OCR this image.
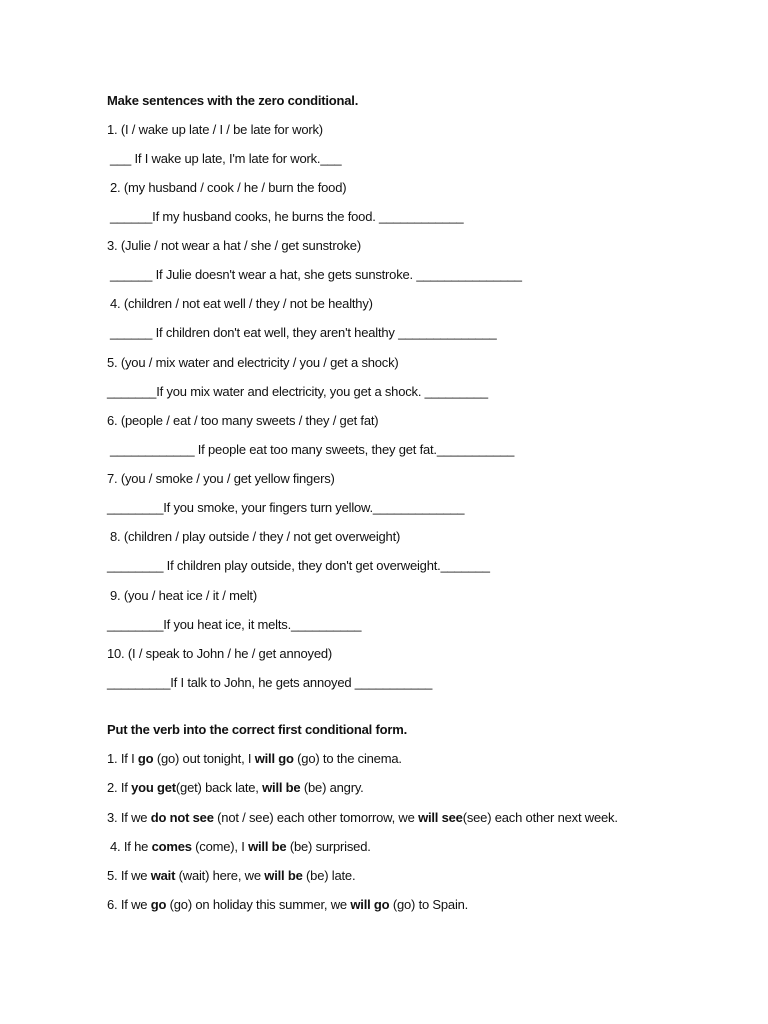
Make sentences with the zero conditional.
1. (I / wake up late / I / be late for work)
___ If I wake up late, I'm late for work.___
2. (my husband / cook / he / burn the food)
______If my husband cooks, he burns the food. ____________
3. (Julie / not wear a hat / she / get sunstroke)
______ If Julie doesn't wear a hat, she gets sunstroke. _______________
4. (children / not eat well / they / not be healthy)
______ If children don't eat well, they aren't healthy ______________
5. (you / mix water and electricity / you / get a shock)
_______If you mix water and electricity, you get a shock. _________
6. (people / eat / too many sweets / they / get fat)
____________ If people eat too many sweets, they get fat.___________
7. (you / smoke / you / get yellow fingers)
________If you smoke, your fingers turn yellow._____________
8. (children / play outside / they / not get overweight)
________ If children play outside, they don't get overweight._______
9. (you / heat ice / it / melt)
________If you heat ice, it melts.__________
10. (I / speak to John / he / get annoyed)
_________If I talk to John, he gets annoyed ___________
Put the verb into the correct first conditional form.
1. If I go (go) out tonight, I will go (go) to the cinema.
2. If you get(get) back late, will be (be) angry.
3. If we do not see (not / see) each other tomorrow, we will see(see) each other next week.
4. If he comes (come), I will be (be) surprised.
5. If we wait (wait) here, we will be (be) late.
6. If we go (go) on holiday this summer, we will go (go) to Spain.
